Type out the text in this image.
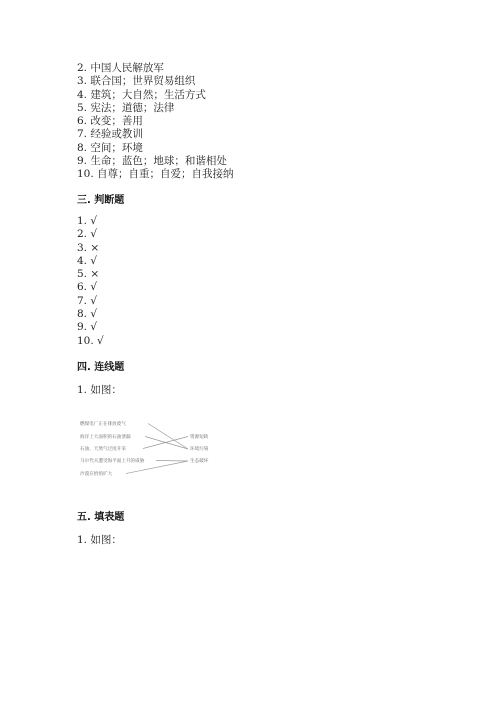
2. 中国人民解放军
3. 联合国；世界贸易组织
4. 建筑；大自然；生活方式
5. 宪法；道德；法律
6. 改变；善用
7. 经验或教训
8. 空间；环境
9. 生命；蓝色；地球；和谐相处
10. 自尊；自重；自爱；自我接纳
三. 判断题
1. √
2. √
3. ×
4. √
5. ×
6. √
7. √
8. √
9. √
10. √
四. 连线题
1. 如图：
燃煤电厂正在排放废气
海洋上大面积的石油泄漏
石油、天然气过度开采
马尔代夫遭受海平面上升的威胁
沙漠在悄悄扩大
资源短缺
环境污染
生态破坏
五. 填表题
1. 如图：
